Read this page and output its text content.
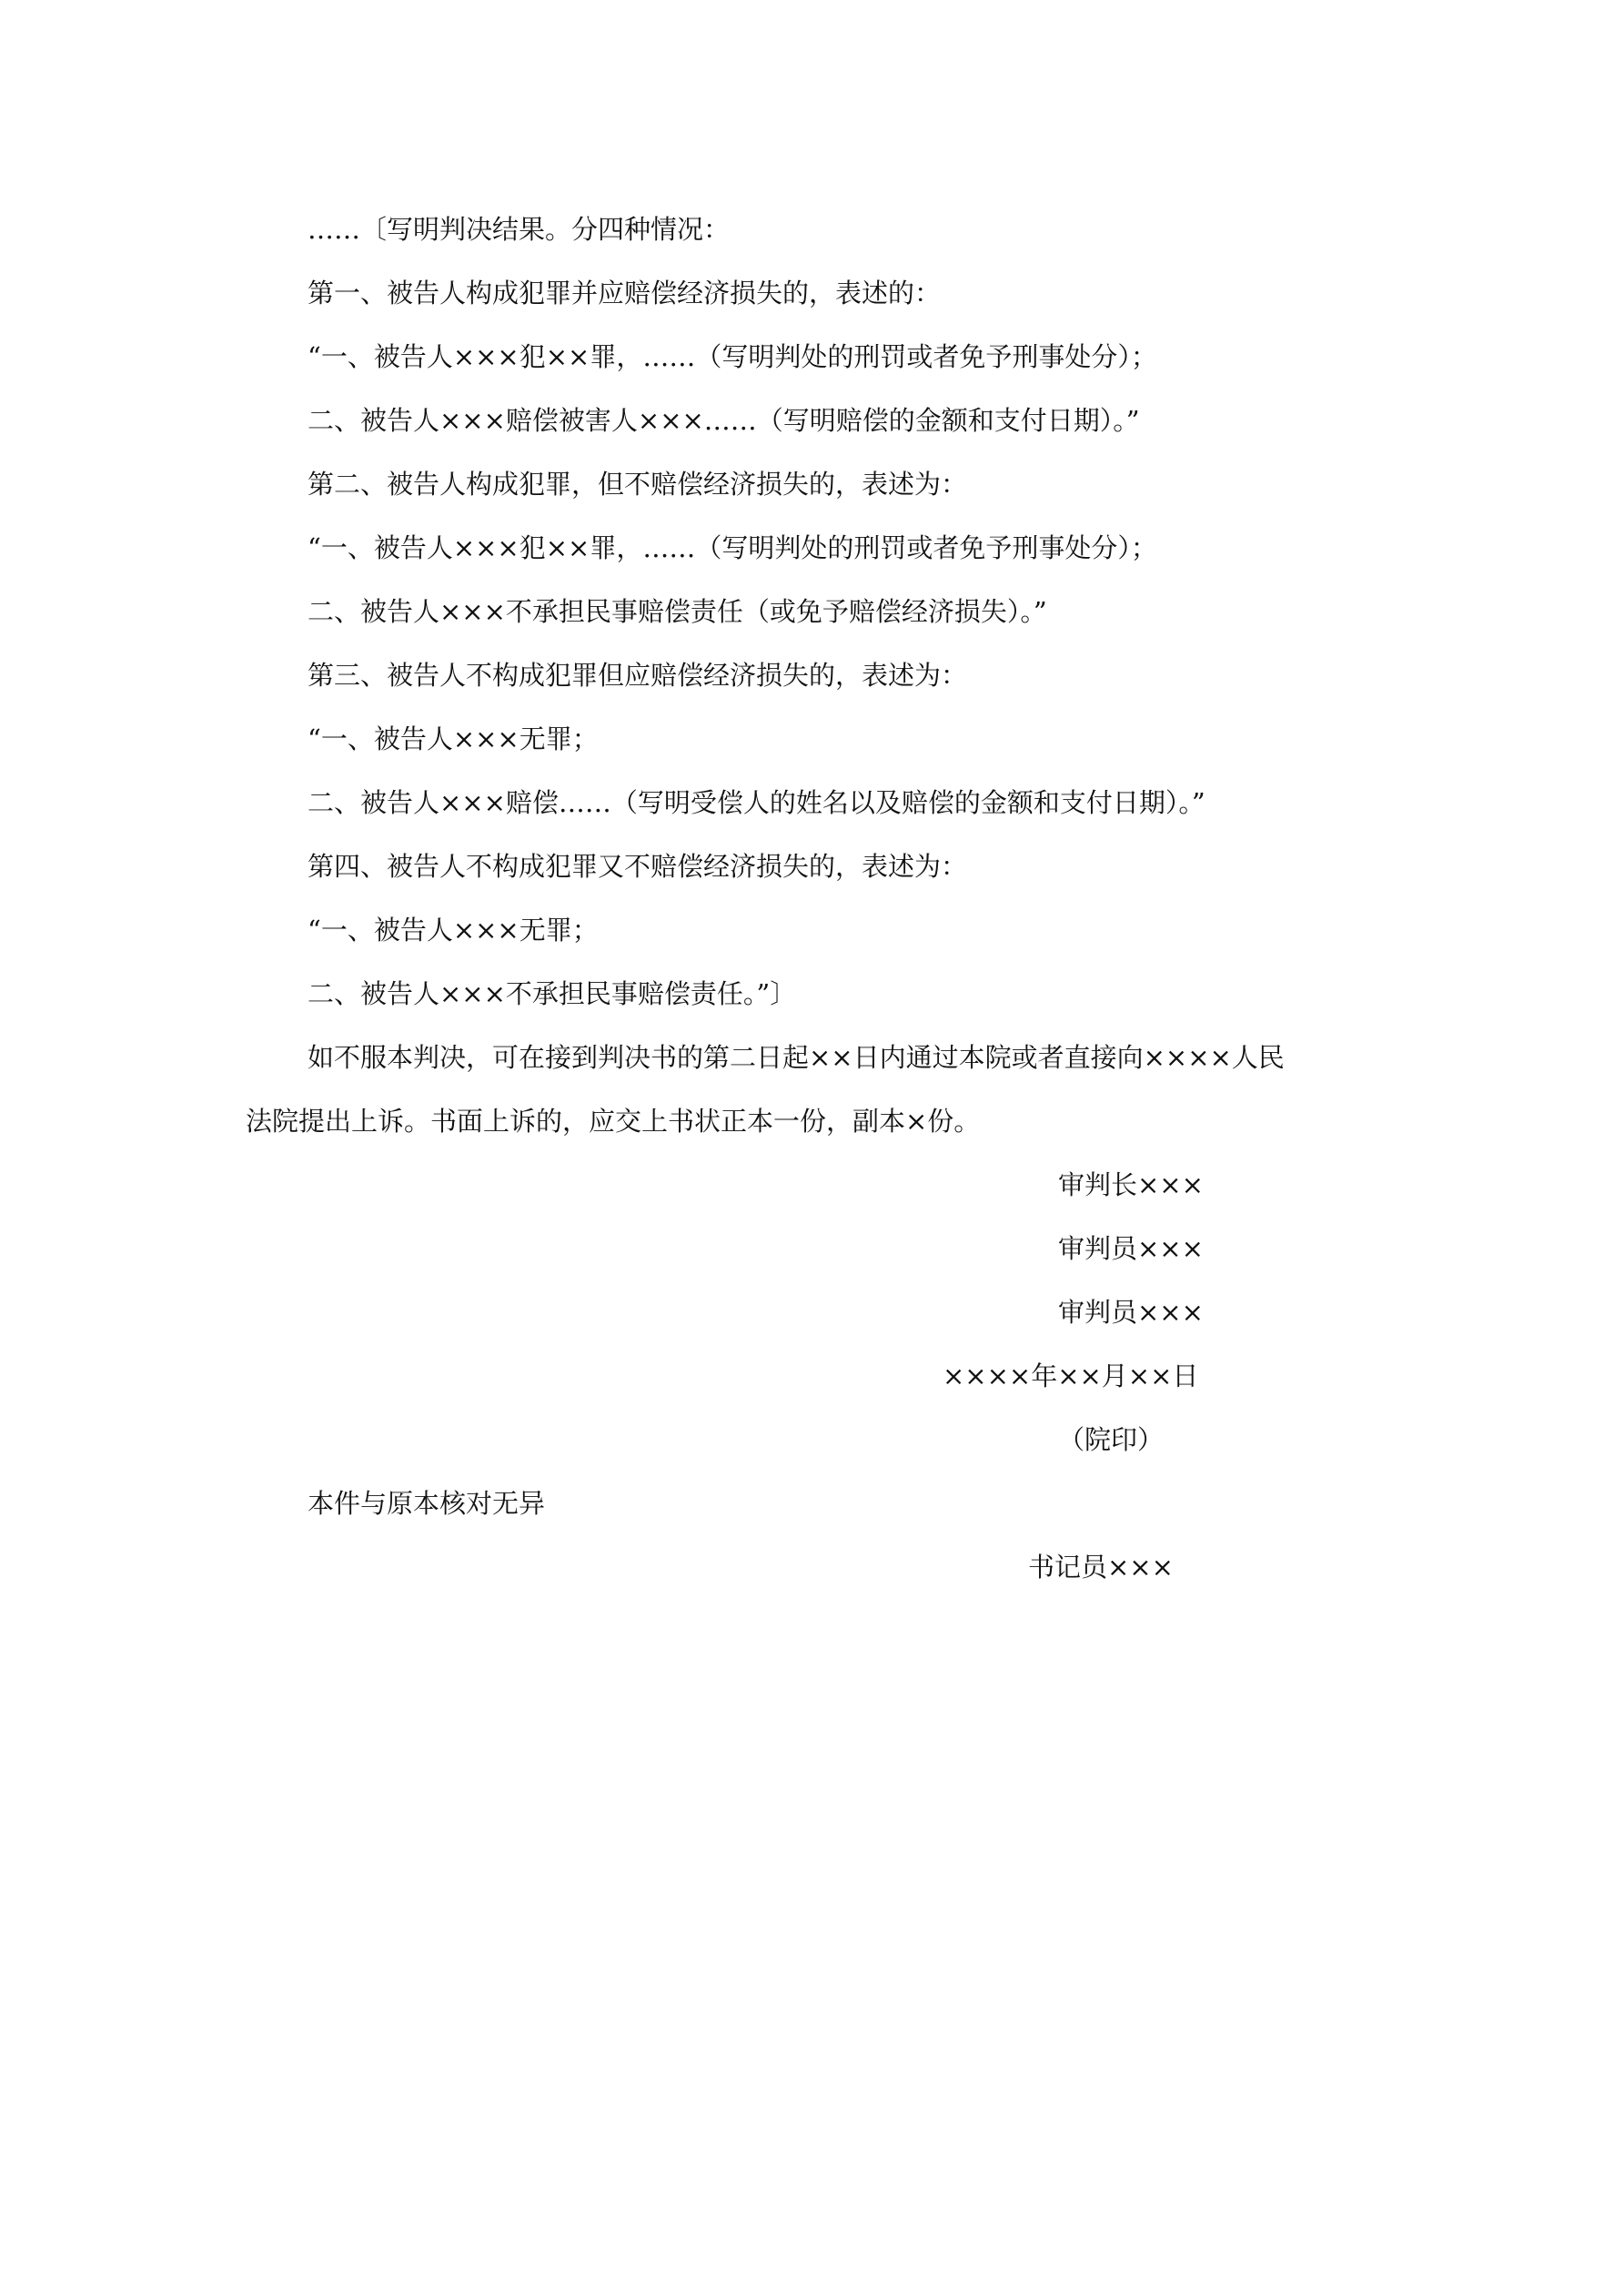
……〔写明判决结果。分四种情况：
第一、被告人构成犯罪并应赔偿经济损失的，表述的：
“一、被告人×××犯××罪，……（写明判处的刑罚或者免予刑事处分）；
二、被告人×××赔偿被害人×××……（写明赔偿的金额和支付日期）。”
第二、被告人构成犯罪，但不赔偿经济损失的，表述为：
“一、被告人×××犯××罪，……（写明判处的刑罚或者免予刑事处分）；
二、被告人×××不承担民事赔偿责任（或免予赔偿经济损失）。”
第三、被告人不构成犯罪但应赔偿经济损失的，表述为：
“一、被告人×××无罪；
二、被告人×××赔偿……（写明受偿人的姓名以及赔偿的金额和支付日期）。”
第四、被告人不构成犯罪又不赔偿经济损失的，表述为：
“一、被告人×××无罪；
二、被告人×××不承担民事赔偿责任。”〕
如不服本判决，可在接到判决书的第二日起××日内通过本院或者直接向××××人民
法院提出上诉。书面上诉的，应交上书状正本一份，副本×份。
审判长×××
审判员×××
审判员×××
××××年××月××日
（院印）
本件与原本核对无异
书记员×××
